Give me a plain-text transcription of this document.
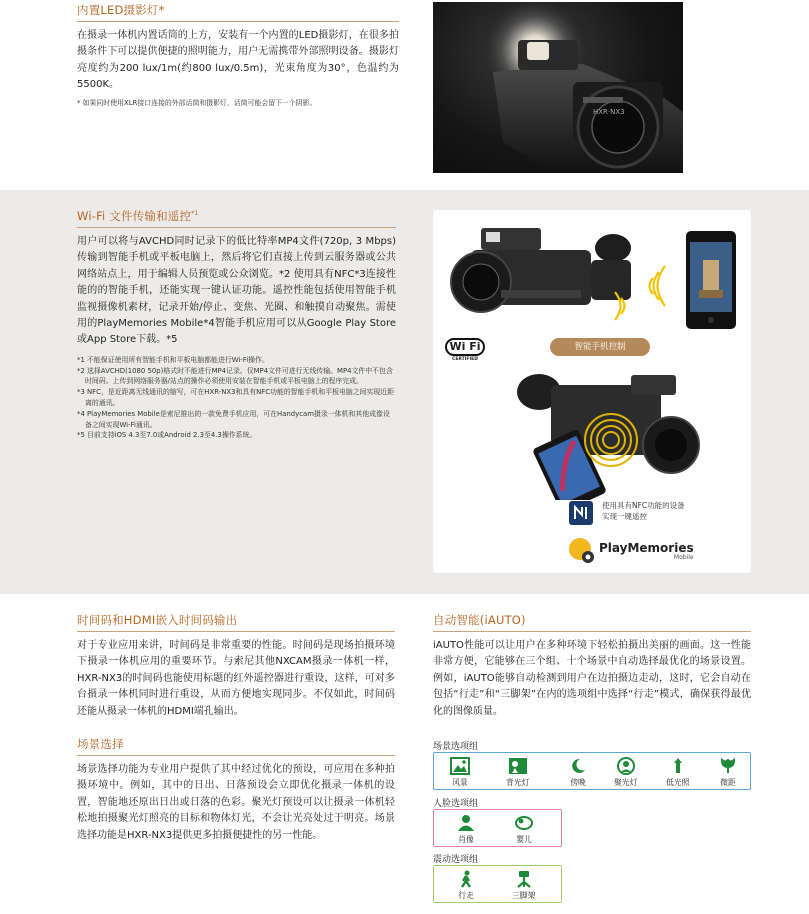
内置LED摄影灯*

在摄录一体机内置话筒的上方，安装有一个内置的LED摄影灯，在很多拍摄条件下可以提供便捷的照明能力，用户无需携带外部照明设备。摄影灯亮度约为200 lux/1m(约800 lux/0.5m)，光束角度为30°，色温约为5500K。

* 如果同时使用XLR接口连接的外部话筒和摄影灯，话筒可能会留下一个阴影。

HXR·NX3
Wi-Fi 文件传输和遥控$^{*1}$

用户可以将与AVCHD同时记录下的低比特率MP4文件(720p, 3 Mbps)传输到智能手机或平板电脑上，然后将它们直接上传到云服务器或公共网络站点上，用于编辑人员预览或公众浏览。*2 使用具有NFC*3连接性能的的智能手机，还能实现一键认证功能。遥控性能包括使用智能手机监视摄像机素材，记录开始/停止、变焦、光圈、和触摸自动聚焦。需使用的PlayMemories Mobile*4智能手机应用可以从Google Play Store或App Store下载。*5

*1 不能保证使用所有智能手机和平板电脑都能进行Wi-Fi操作。

*2 选择AVCHD(1080 50p)格式时不能进行MP4记录。仅MP4文件可进行无线传输。MP4文件中不包含时间码。上传到网络服务器/站点的操作必须使用安装在智能手机或平板电脑上的程序完成。

*3 NFC，是近距离无线通讯的缩写，可在HXR-NX3和具有NFC功能的智能手机和平板电脑之间实现近距离的通讯。

*4 PlayMemories Mobile是索尼推出的一款免费手机应用，可在Handycam摄录一体机和其他成像设备之间实现Wi-Fi通讯。

*5 目前支持iOS 4.3至7.0或Android 2.3至4.3操作系统。

Wi Fi
CERTIFIED
智能手机控制
使用具有NFC功能的设备
实现一键遥控
PlayMemories
Mobile
时间码和HDMI嵌入时间码输出

对于专业应用来讲，时间码是非常重要的性能。时间码是现场拍摄环境下摄录一体机应用的重要环节。与索尼其他NXCAM摄录一体机一样，HXR-NX3的时间码也能使用标题的红外遥控器进行重设，这样，可对多台摄录一体机同时进行重设，从而方便地实现同步。不仅如此，时间码还能从摄录一体机的HDMI端孔输出。

场景选择

场景选择功能为专业用户提供了其中经过优化的预设，可应用在多种拍摄环境中。例如，其中的日出、日落预设会立即优化摄录一体机的设置，智能地还原出日出或日落的色彩。聚光灯预设可以让摄录一体机轻松地拍摄聚光灯照亮的目标和物体灯光，不会让光亮处过于明亮。场景选择功能是HXR-NX3提供更多拍摄便捷性的另一性能。

自动智能(iAUTO)

iAUTO性能可以让用户在多种环境下轻松拍摄出美丽的画面。这一性能非常方便，它能够在三个组、十个场景中自动选择最优化的场景设置。例如，iAUTO能够自动检测到用户在边拍摄边走动，这时，它会自动在包括“行走”和“三脚架”在内的选项组中选择“行走”模式，确保获得最优化的图像质量。

场景选项组
风景	背光灯	傍晚	聚光灯	低光照	微距
人脸选项组
肖像	婴儿
震动选项组
行走	三脚架
